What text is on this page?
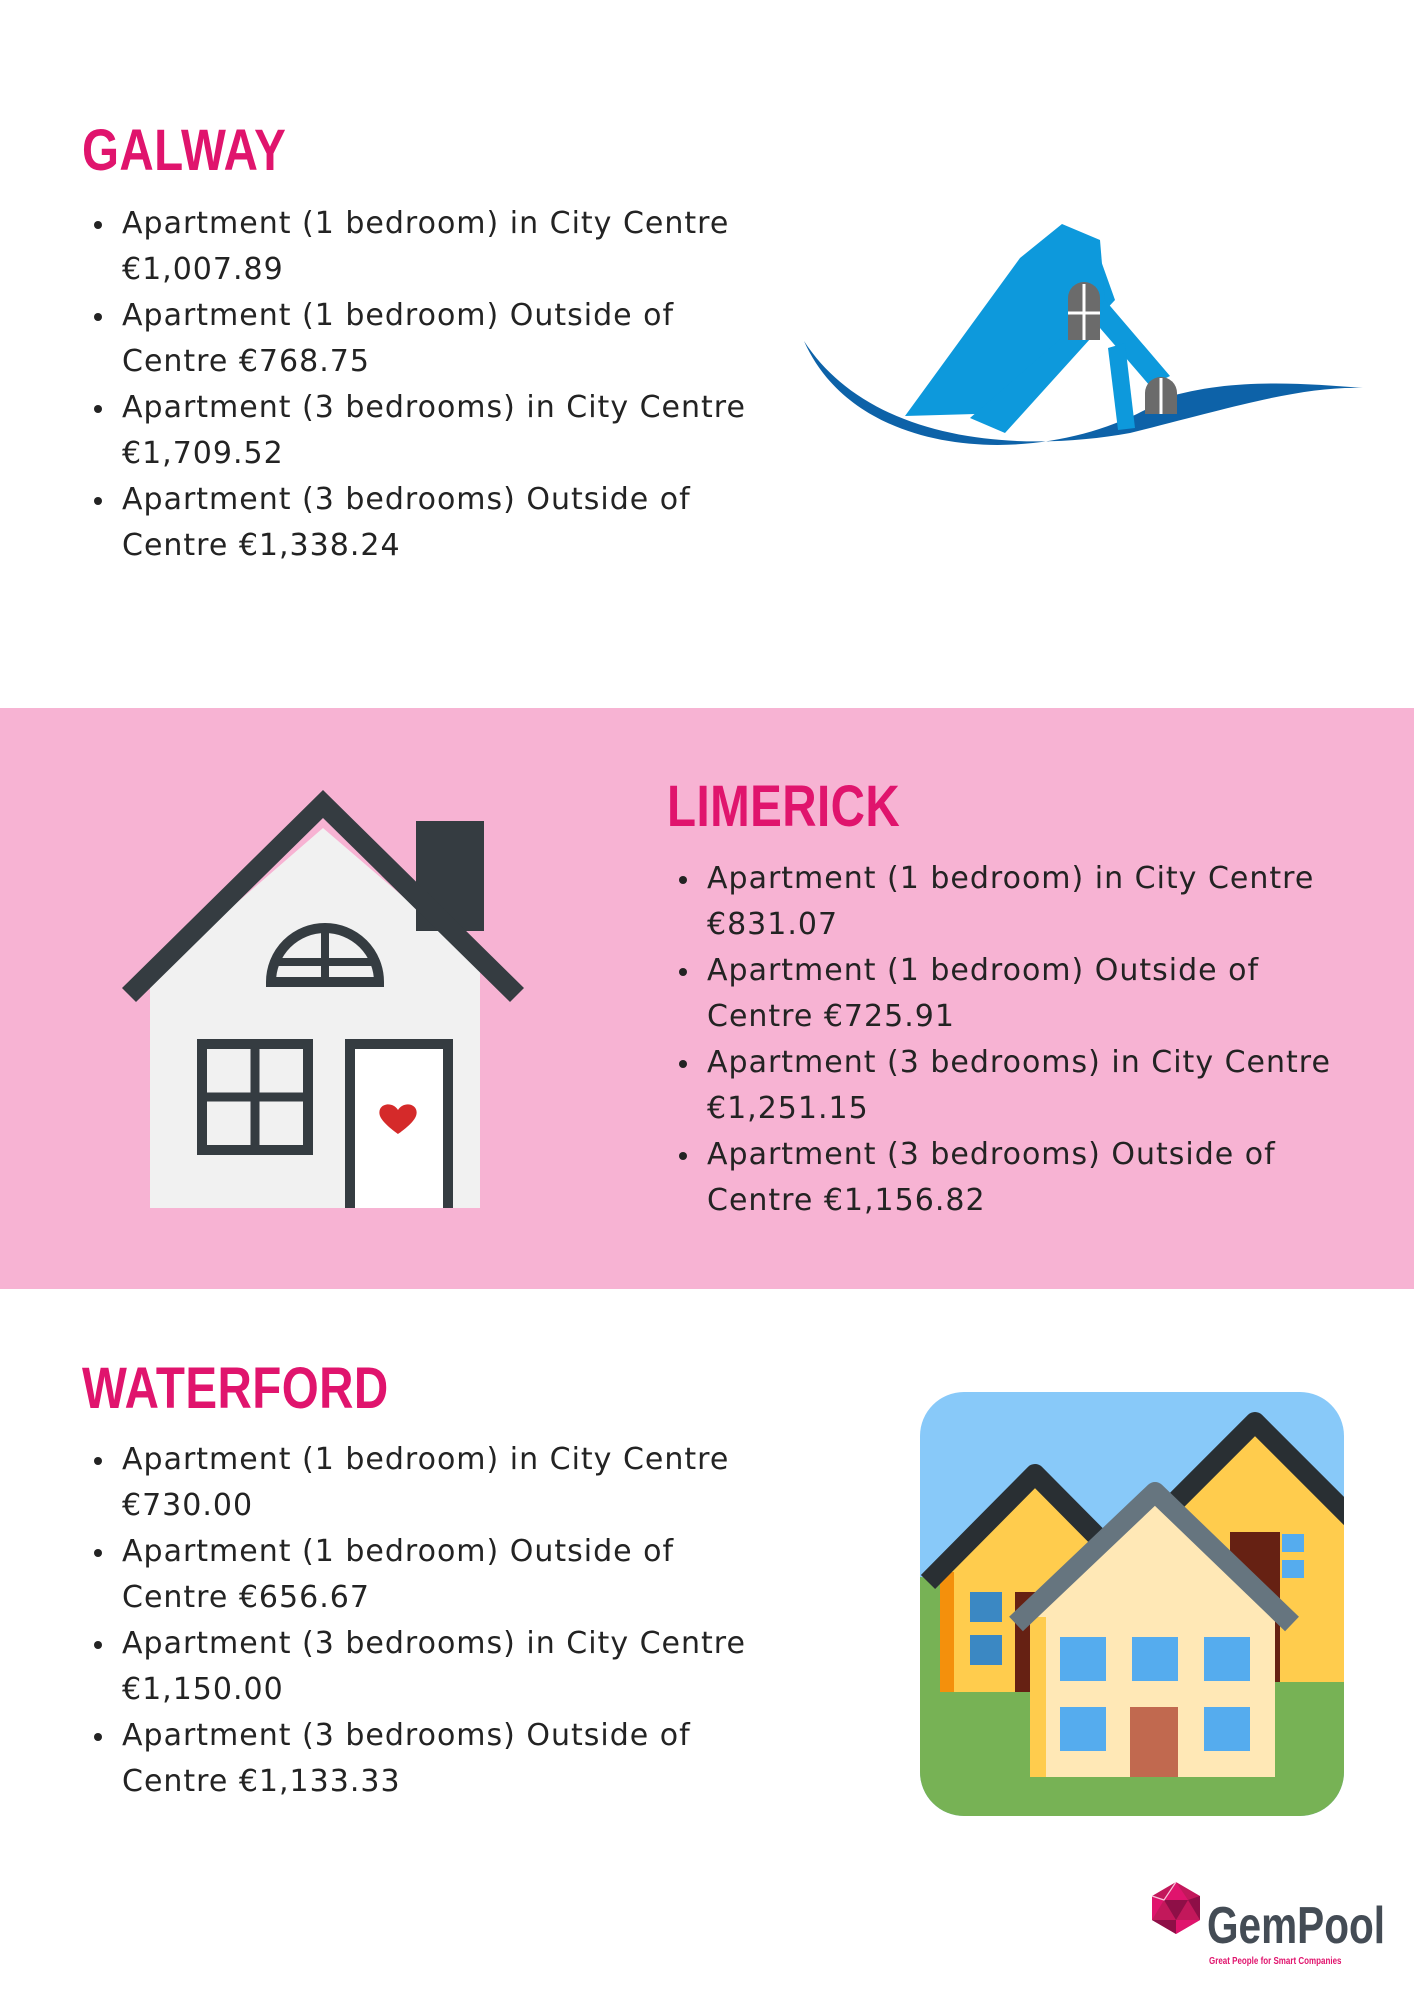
GALWAY
Apartment (1 bedroom) in City Centre €1,007.89
Apartment (1 bedroom) Outside of Centre €768.75
Apartment (3 bedrooms) in City Centre €1,709.52
Apartment (3 bedrooms) Outside of Centre €1,338.24
LIMERICK
Apartment (1 bedroom) in City Centre €831.07
Apartment (1 bedroom) Outside of Centre €725.91
Apartment (3 bedrooms) in City Centre €1,251.15
Apartment (3 bedrooms) Outside of Centre €1,156.82
WATERFORD
Apartment (1 bedroom) in City Centre €730.00
Apartment (1 bedroom) Outside of Centre €656.67
Apartment (3 bedrooms) in City Centre €1,150.00
Apartment (3 bedrooms) Outside of Centre €1,133.33
GemPool
Great People for Smart Companies
